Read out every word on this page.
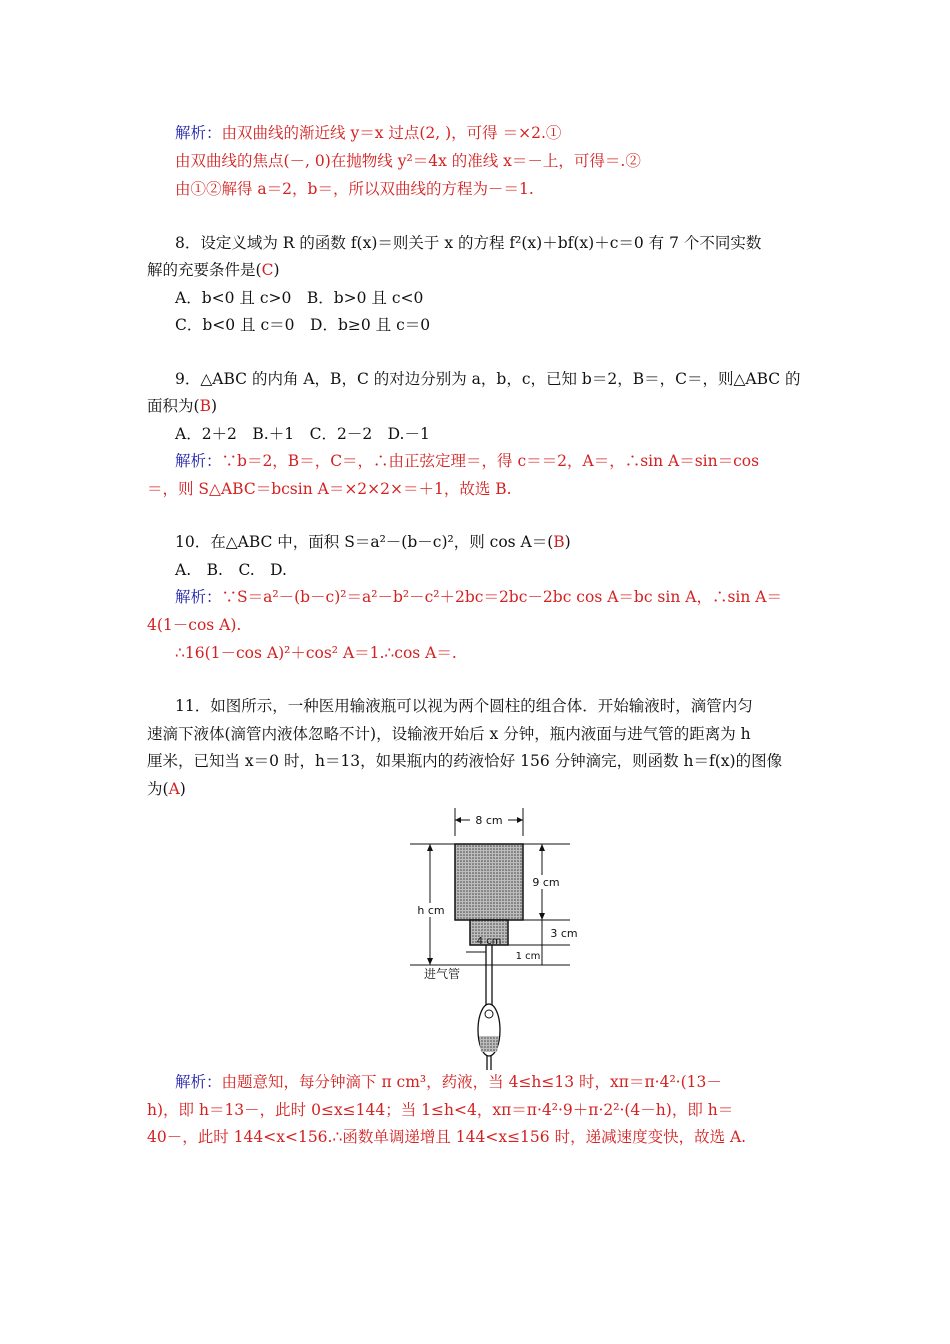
解析：由双曲线的渐近线 y＝x 过点(2, )，可得 ＝×2.①
由双曲线的焦点(－, 0)在抛物线 y²＝4x 的准线 x＝－上，可得＝.②
由①②解得 a＝2，b＝，所以双曲线的方程为－＝1.
8．设定义域为 R 的函数 f(x)＝则关于 x 的方程 f²(x)＋bf(x)＋c＝0 有 7 个不同实数
解的充要条件是(C)
A．b<0 且 c>0　B．b>0 且 c<0
C．b<0 且 c＝0　D．b≥0 且 c＝0
9．△ABC 的内角 A，B，C 的对边分别为 a，b，c，已知 b＝2，B＝，C＝，则△ABC 的
面积为(B)
A．2＋2　B.＋1　C．2－2　D.－1
解析：∵b＝2，B＝，C＝，∴由正弦定理＝，得 c＝＝2，A＝，∴sin A＝sin＝cos
＝，则 S△ABC＝bcsin A＝×2×2×＝＋1，故选 B.
10．在△ABC 中，面积 S＝a²－(b－c)²，则 cos A＝(B)
A.　B.　C.　D.
解析：∵S＝a²－(b－c)²＝a²－b²－c²＋2bc＝2bc－2bc cos A＝bc sin A，∴sin A＝
4(1－cos A).
∴16(1－cos A)²＋cos² A＝1.∴cos A＝.
11．如图所示，一种医用输液瓶可以视为两个圆柱的组合体．开始输液时，滴管内匀
速滴下液体(滴管内液体忽略不计)，设输液开始后 x 分钟，瓶内液面与进气管的距离为 h
厘米，已知当 x＝0 时，h＝13，如果瓶内的药液恰好 156 分钟滴完，则函数 h＝f(x)的图像
为(A)
8 cm
4 cm
h cm
9 cm
3 cm
1 cm
进气管
解析：由题意知，每分钟滴下 π cm³，药液，当 4≤h≤13 时，xπ＝π·4²·(13－
h)，即 h＝13－，此时 0≤x≤144；当 1≤h<4，xπ＝π·4²·9＋π·2²·(4－h)，即 h＝
40－，此时 144<x<156.∴函数单调递增且 144<x≤156 时，递减速度变快，故选 A.
